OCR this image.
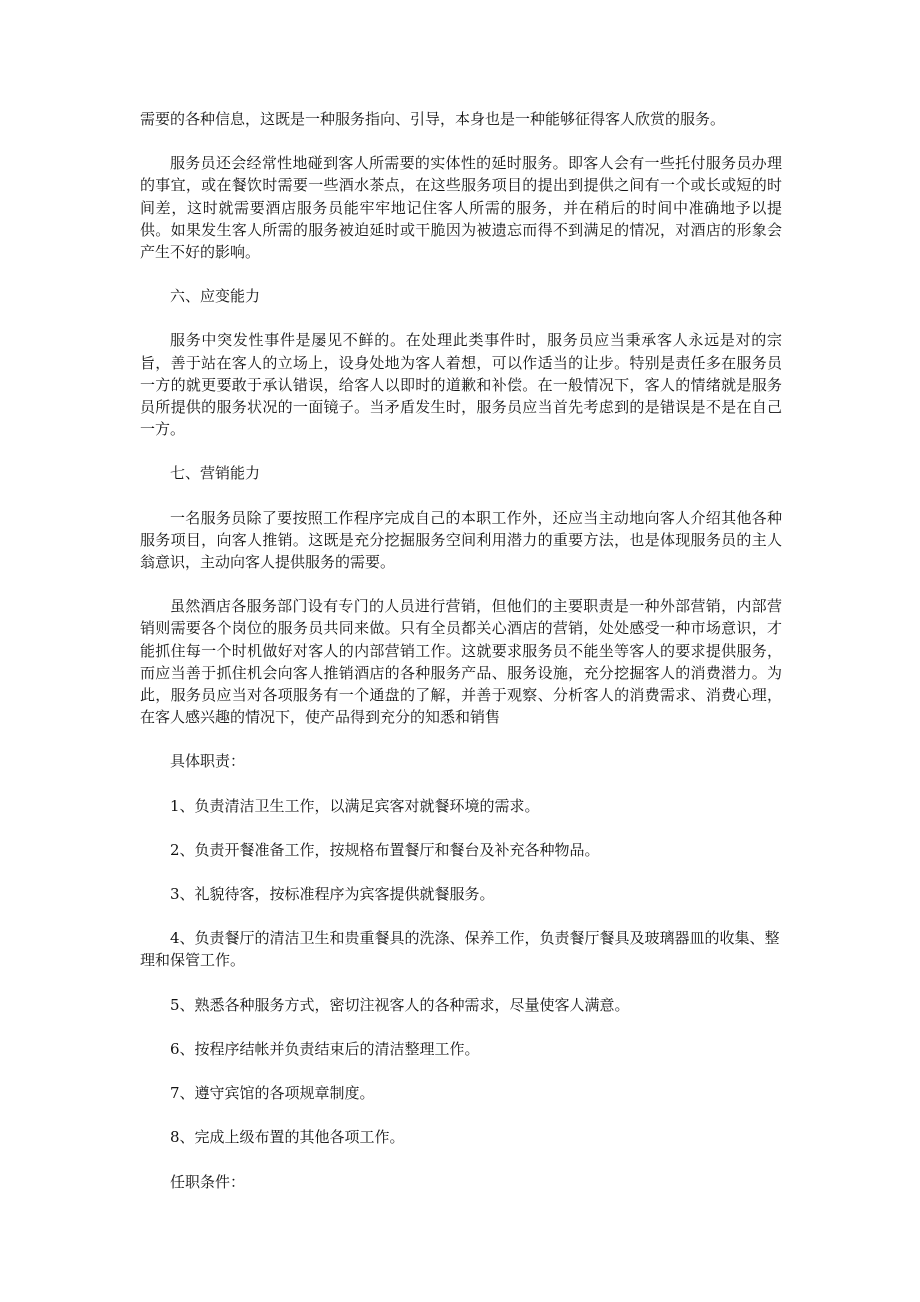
需要的各种信息，这既是一种服务指向、引导，本身也是一种能够征得客人欣赏的服务。

服务员还会经常性地碰到客人所需要的实体性的延时服务。即客人会有一些托付服务员办理的事宜，或在餐饮时需要一些酒水茶点，在这些服务项目的提出到提供之间有一个或长或短的时间差，这时就需要酒店服务员能牢牢地记住客人所需的服务，并在稍后的时间中准确地予以提供。如果发生客人所需的服务被迫延时或干脆因为被遗忘而得不到满足的情况，对酒店的形象会产生不好的影响。

六、应变能力

服务中突发性事件是屡见不鲜的。在处理此类事件时，服务员应当秉承客人永远是对的宗旨，善于站在客人的立场上，设身处地为客人着想，可以作适当的让步。特别是责任多在服务员一方的就更要敢于承认错误，给客人以即时的道歉和补偿。在一般情况下，客人的情绪就是服务员所提供的服务状况的一面镜子。当矛盾发生时，服务员应当首先考虑到的是错误是不是在自己一方。

七、营销能力

一名服务员除了要按照工作程序完成自己的本职工作外，还应当主动地向客人介绍其他各种服务项目，向客人推销。这既是充分挖掘服务空间利用潜力的重要方法，也是体现服务员的主人翁意识，主动向客人提供服务的需要。

虽然酒店各服务部门设有专门的人员进行营销，但他们的主要职责是一种外部营销，内部营销则需要各个岗位的服务员共同来做。只有全员都关心酒店的营销，处处感受一种市场意识，才能抓住每一个时机做好对客人的内部营销工作。这就要求服务员不能坐等客人的要求提供服务，而应当善于抓住机会向客人推销酒店的各种服务产品、服务设施，充分挖掘客人的消费潜力。为此，服务员应当对各项服务有一个通盘的了解，并善于观察、分析客人的消费需求、消费心理，在客人感兴趣的情况下，使产品得到充分的知悉和销售

具体职责：

1、负责清洁卫生工作，以满足宾客对就餐环境的需求。

2、负责开餐准备工作，按规格布置餐厅和餐台及补充各种物品。

3、礼貌待客，按标准程序为宾客提供就餐服务。

4、负责餐厅的清洁卫生和贵重餐具的洗涤、保养工作，负责餐厅餐具及玻璃器皿的收集、整理和保管工作。

5、熟悉各种服务方式，密切注视客人的各种需求，尽量使客人满意。

6、按程序结帐并负责结束后的清洁整理工作。

7、遵守宾馆的各项规章制度。

8、完成上级布置的其他各项工作。

任职条件：
